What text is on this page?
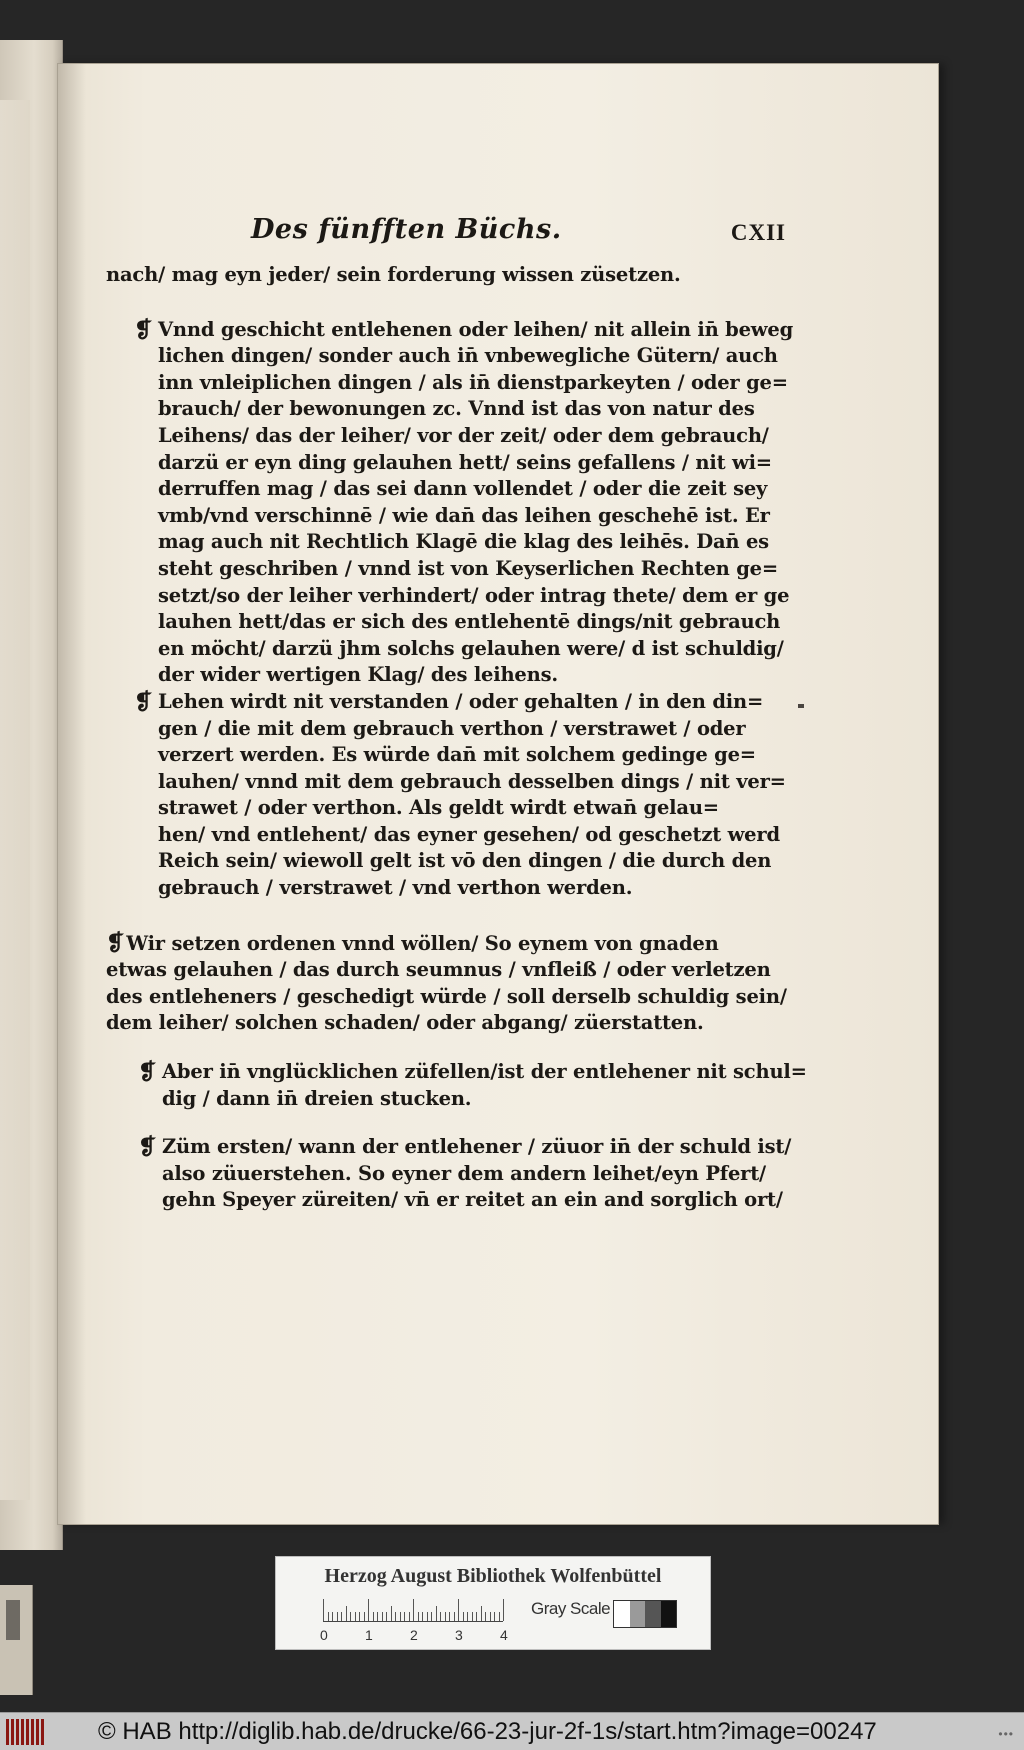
Des fünfften Büchs.	CXII
nach/ mag eyn jeder/ sein forderung wissen züsetzen.
❡ Vnnd geschicht entlehenen oder leihen/ nit allein in̄ beweg
lichen dingen/ sonder auch in̄ vnbewegliche Gütern/ auch
inn vnleiplichen dingen / als in̄ dienstparkeyten / oder ge=
brauch/ der bewonungen zc. Vnnd ist das von natur des
Leihens/ das der leiher/ vor der zeit/ oder dem gebrauch/
darzü er eyn ding gelauhen hett/ seins gefallens / nit wi=
derruffen mag / das sei dann vollendet / oder die zeit sey
vmb/vnd verschinnē / wie dan̄ das leihen geschehē ist. Er
mag auch nit Rechtlich Klagē die klag des leihēs. Dan̄ es
steht geschriben / vnnd ist von Keyserlichen Rechten ge=
setzt/so der leiher verhindert/ oder intrag thete/ dem er ge
lauhen hett/das er sich des entlehentē dings/nit gebrauch
en möcht/ darzü jhm solchs gelauhen were/ d ist schuldig/
der wider wertigen Klag/ des leihens.
❡ Lehen wirdt nit verstanden / oder gehalten / in den din=
gen / die mit dem gebrauch verthon / verstrawet / oder
verzert werden. Es würde dan̄ mit solchem gedinge ge=
lauhen/ vnnd mit dem gebrauch desselben dings / nit ver=
strawet / oder verthon. Als geldt wirdt etwan̄ gelau=
hen/ vnd entlehent/ das eyner gesehen/ od geschetzt werd
Reich sein/ wiewoll gelt ist vō den dingen / die durch den
gebrauch / verstrawet / vnd verthon werden.
❡ Wir setzen ordenen vnnd wöllen/ So eynem von gnaden
etwas gelauhen / das durch seumnus / vnfleiß / oder verletzen
des entleheners / geschedigt würde / soll derselb schuldig sein/
dem leiher/ solchen schaden/ oder abgang/ züerstatten.
❡ Aber in̄ vnglücklichen züfellen/ist der entlehener nit schul=
dig / dann in̄ dreien stucken.
❡ Züm ersten/ wann der entlehener / züuor in̄ der schuld ist/
also züuerstehen. So eyner dem andern leihet/eyn Pfert/
gehn Speyer züreiten/ vn̄ er reitet an ein and sorglich ort/
Herzog August Bibliothek Wolfenbüttel
0	1	2	3	4
Gray Scale
© HAB http://diglib.hab.de/drucke/66-23-jur-2f-1s/start.htm?image=00247	•••
